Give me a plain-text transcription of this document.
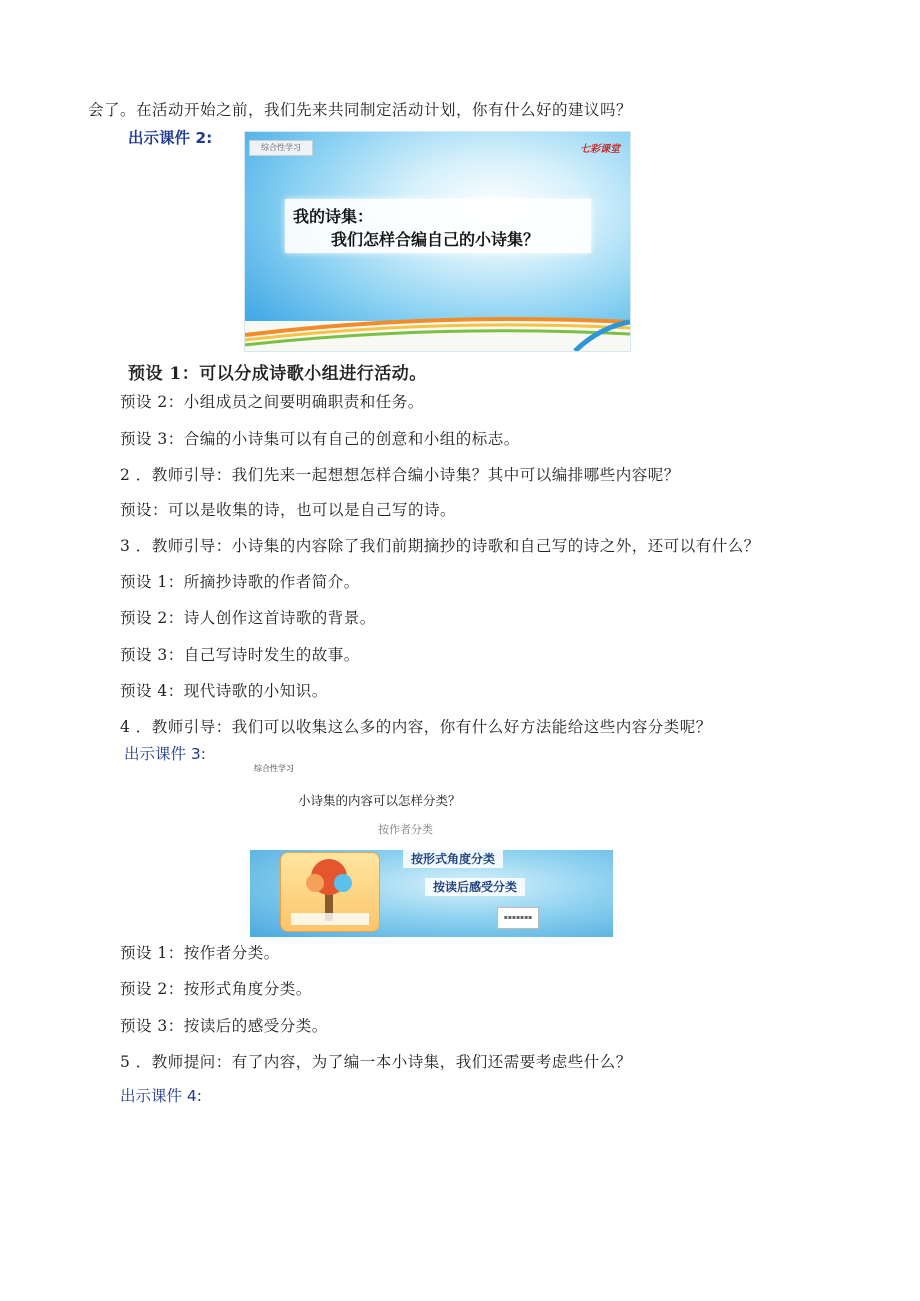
会了。在活动开始之前，我们先来共同制定活动计划，你有什么好的建议吗？
出示课件 2:
综合性学习	七彩课堂
我的诗集：
我们怎样合编自己的小诗集？
预设 1：可以分成诗歌小组进行活动。
预设 2：小组成员之间要明确职责和任务。
预设 3：合编的小诗集可以有自己的创意和小组的标志。
2 ．教师引导：我们先来一起想想怎样合编小诗集？其中可以编排哪些内容呢？
预设：可以是收集的诗，也可以是自己写的诗。
3 ．教师引导：小诗集的内容除了我们前期摘抄的诗歌和自己写的诗之外，还可以有什么？
预设 1：所摘抄诗歌的作者简介。
预设 2：诗人创作这首诗歌的背景。
预设 3：自己写诗时发生的故事。
预设 4：现代诗歌的小知识。
4 ．教师引导：我们可以收集这么多的内容，你有什么好方法能给这些内容分类呢？
出示课件 3:
综合性学习
小诗集的内容可以怎样分类？
按作者分类
按形式角度分类
按读后感受分类
▪▪▪▪▪▪▪
预设 1：按作者分类。
预设 2：按形式角度分类。
预设 3：按读后的感受分类。
5 ．教师提问：有了内容，为了编一本小诗集，我们还需要考虑些什么？
出示课件 4:
